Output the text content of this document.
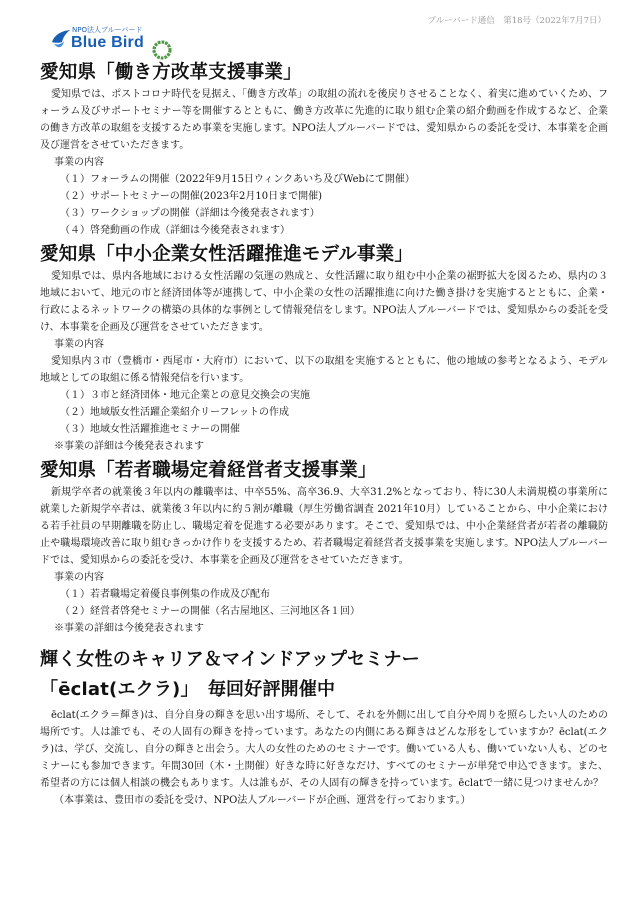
ブルーバード通信　第18号（2022年7月7日）
NPO法人ブルーバード
Blue Bird
愛知県「働き方改革支援事業」

愛知県では、ポストコロナ時代を見据え、「働き方改革」の取組の流れを後戻りさせることなく、着実に進めていくため、フォーラム及びサポートセミナー等を開催するとともに、働き方改革に先進的に取り組む企業の紹介動画を作成するなど、企業の働き方改革の取組を支援するため事業を実施します。NPO法人ブルーバードでは、愛知県からの委託を受け、本事業を企画及び運営をさせていただきます。

事業の内容

（１）フォーラムの開催（2022年9月15日ウィンクあいち及びWebにて開催）
（２）サポートセミナーの開催(2023年2月10日まで開催)
（３）ワークショップの開催（詳細は今後発表されます）
（４）啓発動画の作成（詳細は今後発表されます）
愛知県「中小企業女性活躍推進モデル事業」

愛知県では、県内各地域における女性活躍の気運の熟成と、女性活躍に取り組む中小企業の裾野拡大を図るため、県内の３地域において、地元の市と経済団体等が連携して、中小企業の女性の活躍推進に向けた働き掛けを実施するとともに、企業・行政によるネットワークの構築の具体的な事例として情報発信をします。NPO法人ブルーバードでは、愛知県からの委託を受け、本事業を企画及び運営をさせていただきます。

事業の内容

愛知県内３市（豊橋市・西尾市・大府市）において、以下の取組を実施するとともに、他の地域の参考となるよう、モデル地域としての取組に係る情報発信を行います。

（１）３市と経済団体・地元企業との意見交換会の実施
（２）地域版女性活躍企業紹介リーフレットの作成
（３）地域女性活躍推進セミナーの開催
※事業の詳細は今後発表されます
愛知県「若者職場定着経営者支援事業」

新規学卒者の就業後３年以内の離職率は、中卒55%、高卒36.9、大卒31.2%となっており、特に30人未満規模の事業所に就業した新規学卒者は、就業後３年以内に約５割が離職（厚生労働省調査 2021年10月）していることから、中小企業における若手社員の早期離職を防止し、職場定着を促進する必要があります。そこで、愛知県では、中小企業経営者が若者の離職防止や職場環境改善に取り組むきっかけ作りを支援するため、若者職場定着経営者支援事業を実施します。NPO法人ブルーバードでは、愛知県からの委託を受け、本事業を企画及び運営をさせていただきます。

事業の内容

（１）若者職場定着優良事例集の作成及び配布
（２）経営者啓発セミナーの開催（名古屋地区、三河地区各１回）
※事業の詳細は今後発表されます
輝く女性のキャリア＆マインドアップセミナー
「ēclat(エクラ)」　毎回好評開催中

ēclat(エクラ＝輝き)は、自分自身の輝きを思い出す場所、そして、それを外側に出して自分や周りを照らしたい人のための場所です。人は誰でも、その人固有の輝きを持っています。あなたの内側にある輝きはどんな形をしていますか？ēclat(エクラ)は、学び、交流し、自分の輝きと出会う。大人の女性のためのセミナーです。働いている人も、働いていない人も、どのセミナーにも参加できます。年間30回（木・土開催）好きな時に好きなだけ、すべてのセミナーが単発で申込できます。また、希望者の方には個人相談の機会もあります。人は誰もが、その人固有の輝きを持っています。ēclatで一緒に見つけませんか？

（本事業は、豊田市の委託を受け、NPO法人ブルーバードが企画、運営を行っております。）
